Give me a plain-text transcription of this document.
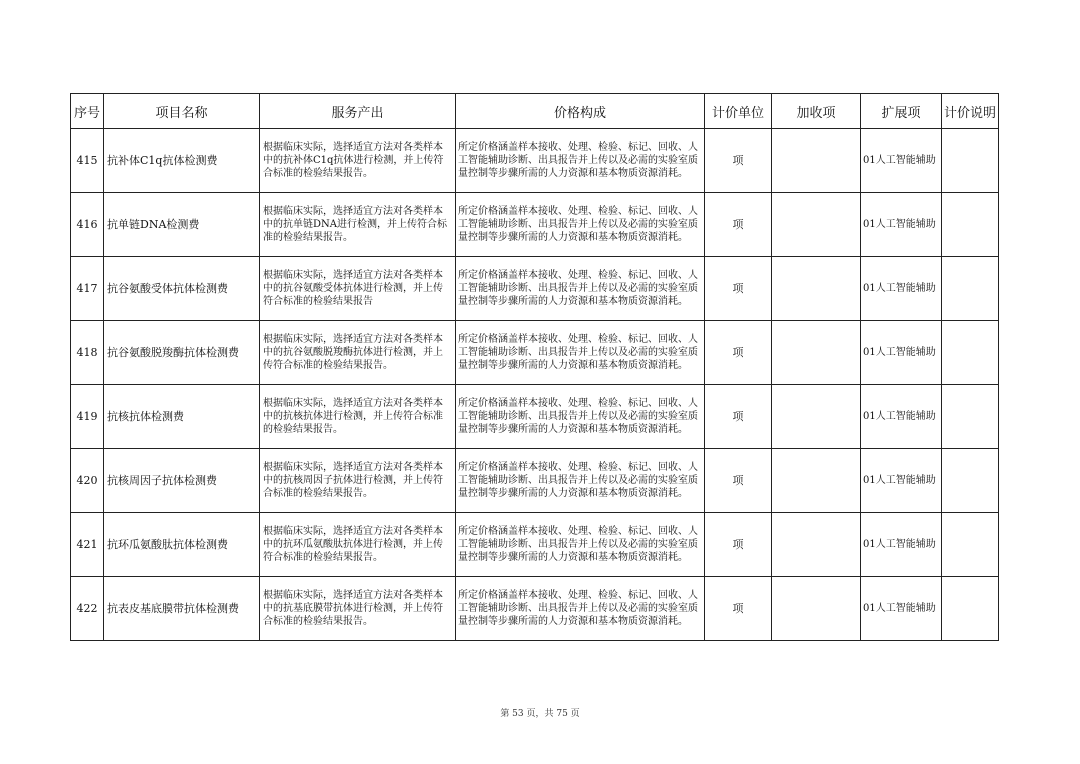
序号	项目名称	服务产出	价格构成	计价单位	加收项	扩展项	计价说明
415	抗补体C1q抗体检测费	根据临床实际，选择适宜方法对各类样本中的抗补体C1q抗体进行检测，并上传符合标准的检验结果报告。	所定价格涵盖样本接收、处理、检验、标记、回收、人工智能辅助诊断、出具报告并上传以及必需的实验室质量控制等步骤所需的人力资源和基本物质资源消耗。	项		01人工智能辅助	
416	抗单链DNA检测费	根据临床实际，选择适宜方法对各类样本中的抗单链DNA进行检测，并上传符合标准的检验结果报告。	所定价格涵盖样本接收、处理、检验、标记、回收、人工智能辅助诊断、出具报告并上传以及必需的实验室质量控制等步骤所需的人力资源和基本物质资源消耗。	项		01人工智能辅助	
417	抗谷氨酸受体抗体检测费	根据临床实际，选择适宜方法对各类样本中的抗谷氨酸受体抗体进行检测，并上传符合标准的检验结果报告	所定价格涵盖样本接收、处理、检验、标记、回收、人工智能辅助诊断、出具报告并上传以及必需的实验室质量控制等步骤所需的人力资源和基本物质资源消耗。	项		01人工智能辅助	
418	抗谷氨酸脱羧酶抗体检测费	根据临床实际，选择适宜方法对各类样本中的抗谷氨酸脱羧酶抗体进行检测，并上传符合标准的检验结果报告。	所定价格涵盖样本接收、处理、检验、标记、回收、人工智能辅助诊断、出具报告并上传以及必需的实验室质量控制等步骤所需的人力资源和基本物质资源消耗。	项		01人工智能辅助	
419	抗核抗体检测费	根据临床实际，选择适宜方法对各类样本中的抗核抗体进行检测，并上传符合标准的检验结果报告。	所定价格涵盖样本接收、处理、检验、标记、回收、人工智能辅助诊断、出具报告并上传以及必需的实验室质量控制等步骤所需的人力资源和基本物质资源消耗。	项		01人工智能辅助	
420	抗核周因子抗体检测费	根据临床实际，选择适宜方法对各类样本中的抗核周因子抗体进行检测，并上传符合标准的检验结果报告。	所定价格涵盖样本接收、处理、检验、标记、回收、人工智能辅助诊断、出具报告并上传以及必需的实验室质量控制等步骤所需的人力资源和基本物质资源消耗。	项		01人工智能辅助	
421	抗环瓜氨酸肽抗体检测费	根据临床实际，选择适宜方法对各类样本中的抗环瓜氨酸肽抗体进行检测，并上传符合标准的检验结果报告。	所定价格涵盖样本接收、处理、检验、标记、回收、人工智能辅助诊断、出具报告并上传以及必需的实验室质量控制等步骤所需的人力资源和基本物质资源消耗。	项		01人工智能辅助	
422	抗表皮基底膜带抗体检测费	根据临床实际，选择适宜方法对各类样本中的抗基底膜带抗体进行检测，并上传符合标准的检验结果报告。	所定价格涵盖样本接收、处理、检验、标记、回收、人工智能辅助诊断、出具报告并上传以及必需的实验室质量控制等步骤所需的人力资源和基本物质资源消耗。	项		01人工智能辅助	
第 53 页，共 75 页
